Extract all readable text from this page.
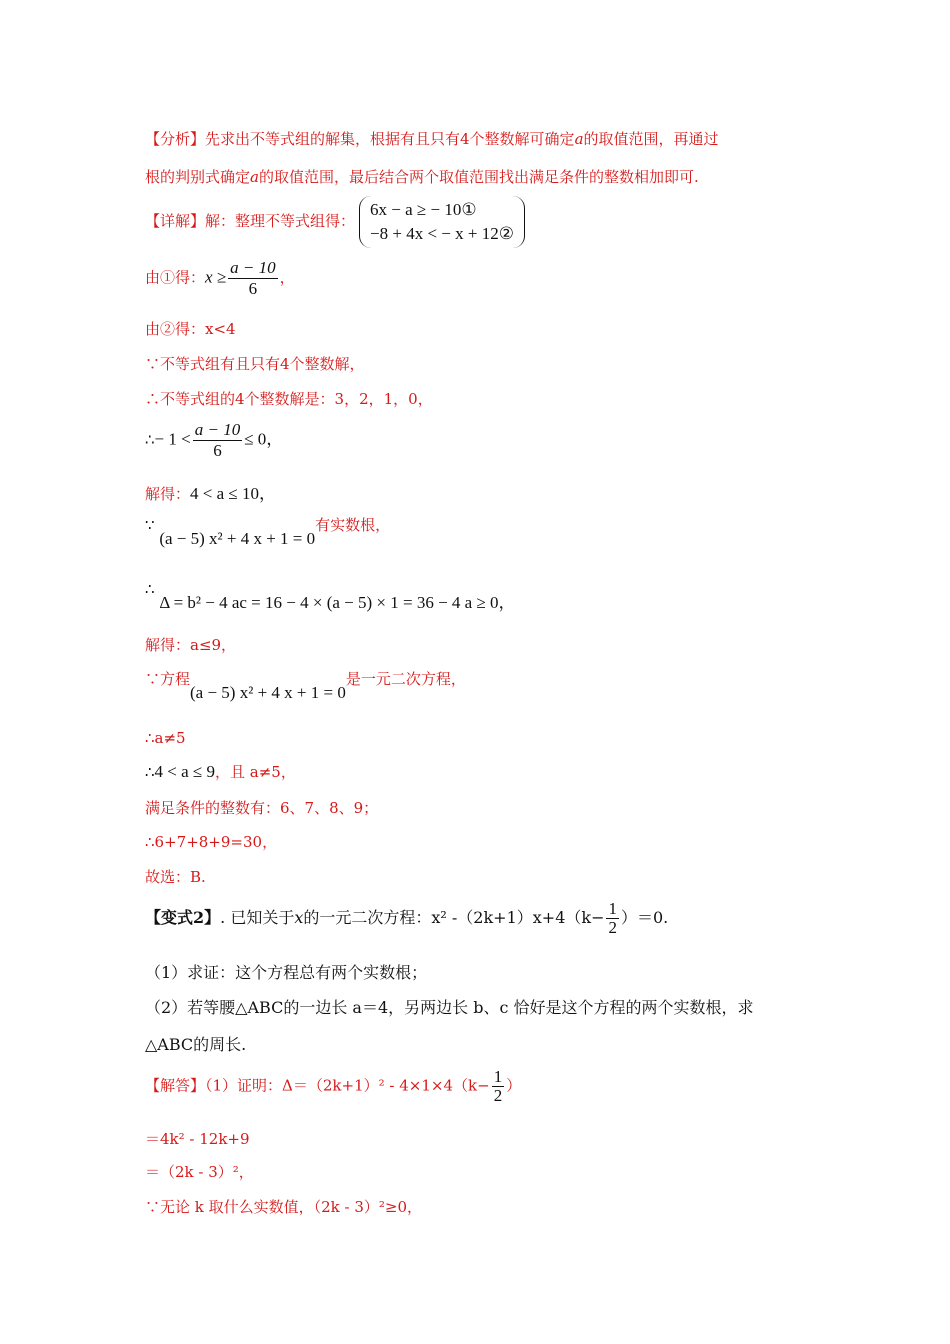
【分析】先求出不等式组的解集，根据有且只有4个整数解可确定a的取值范围，再通过
根的判别式确定a的取值范围，最后结合两个取值范围找出满足条件的整数相加即可.
【详解】解：整理不等式组得：
6x − a ≥ − 10①
−8 + 4x < − x + 12②
由①得：$x \ge \frac{a - 10}{6}$ ，
由②得：x<4
∵不等式组有且只有4个整数解，
∴不等式组的4个整数解是：3，2，1，0，
∴− $1 < \frac{a - 10}{6} \le 0$，
解得：4 < a ≤ 10，
∵ (a − 5) x² + 4 x + 1 = 0有实数根，
∴ Δ = b² − 4 ac = 16 − 4 × (a − 5) × 1 = 36 − 4 a ≥ 0，
解得：a≤9，
∵方程(a − 5) x² + 4 x + 1 = 0是一元二次方程，
∴a≠5
∴4 < a ≤ 9，且 a≠5，
满足条件的整数有：6、7、8、9；
∴6+7+8+9=30，
故选：B.
【变式2】. 已知关于x的一元二次方程：x² $-(2k+1)x+4(k- \frac{1}{2} )=0$.
（1）求证：这个方程总有两个实数根；
（2）若等腰△ABC的一边长 a＝4，另两边长 b、c 恰好是这个方程的两个实数根，求
△ABC的周长.
【解答】（1）证明：$\Delta=(2k+1)^2 - 4\times 1\times 4(k- \frac{1}{2}$ ）
＝4k² - 12k+9
＝（2k - 3）²，
∵无论 k 取什么实数值，（2k - 3）²≥0，
